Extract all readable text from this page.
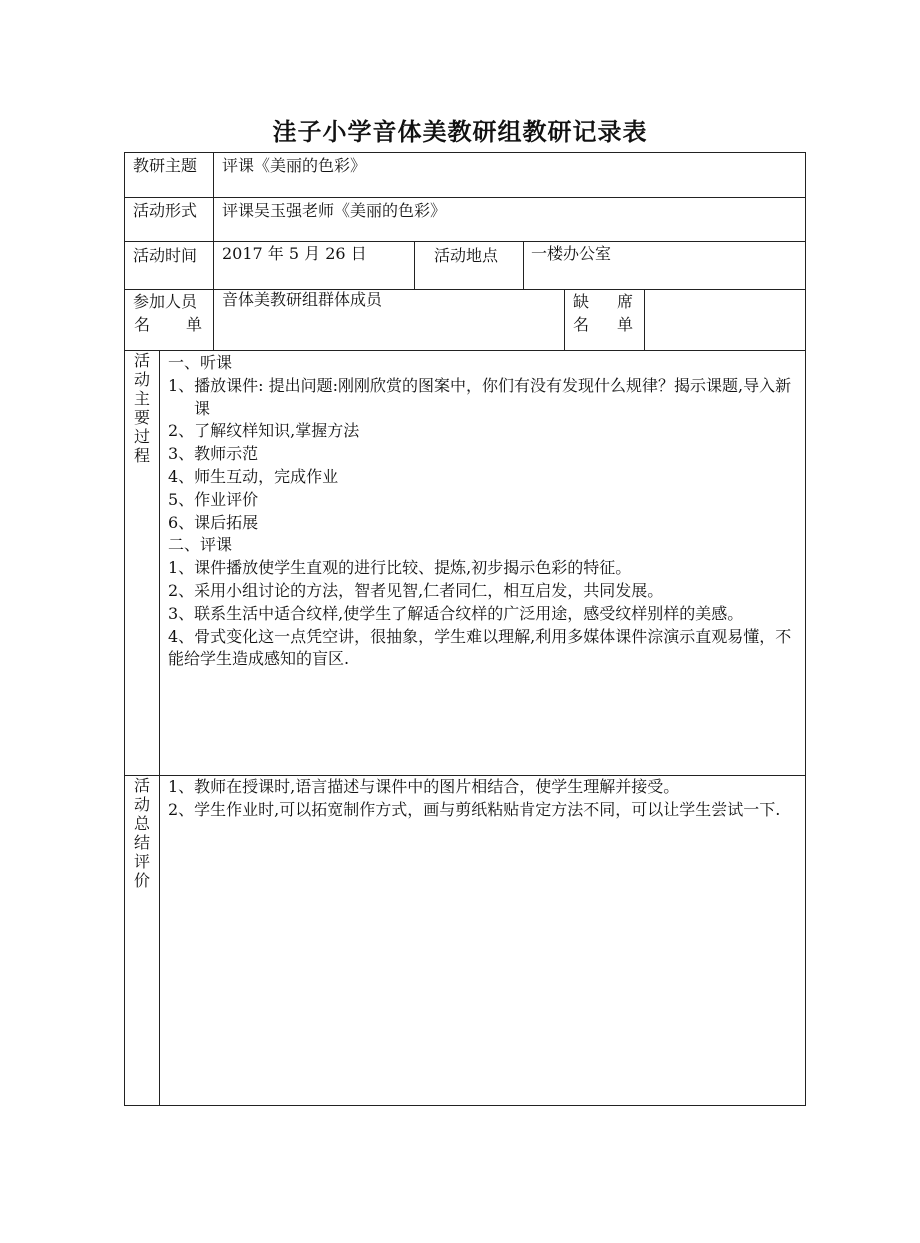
洼子小学音体美教研组教研记录表
教研主题 评课《美丽的色彩》
活动形式 评课吴玉强老师《美丽的色彩》
活动时间 2017 年 5 月 26 日	活动地点 一楼办公室
参加人员
名 单
音体美教研组群体成员	缺 席
名 单
活
动
主
要
过
程

一、听课

1、播放课件: 提出问题:刚刚欣赏的图案中，你们有没有发现什么规律？揭示课题,导入新课

2、了解纹样知识,掌握方法

3、教师示范

4、师生互动，完成作业

5、作业评价

6、课后拓展

二、评课

1、课件播放使学生直观的进行比较、提炼,初步揭示色彩的特征。

2、采用小组讨论的方法，智者见智,仁者同仁，相互启发，共同发展。

3、联系生活中适合纹样,使学生了解适合纹样的广泛用途，感受纹样别样的美感。

4、骨式变化这一点凭空讲，很抽象，学生难以理解,利用多媒体课件淙演示直观易懂，不能给学生造成感知的盲区.

活
动
总
结
评
价

1、教师在授课时,语言描述与课件中的图片相结合，使学生理解并接受。

2、学生作业时,可以拓宽制作方式，画与剪纸粘贴肯定方法不同，可以让学生尝试一下.
